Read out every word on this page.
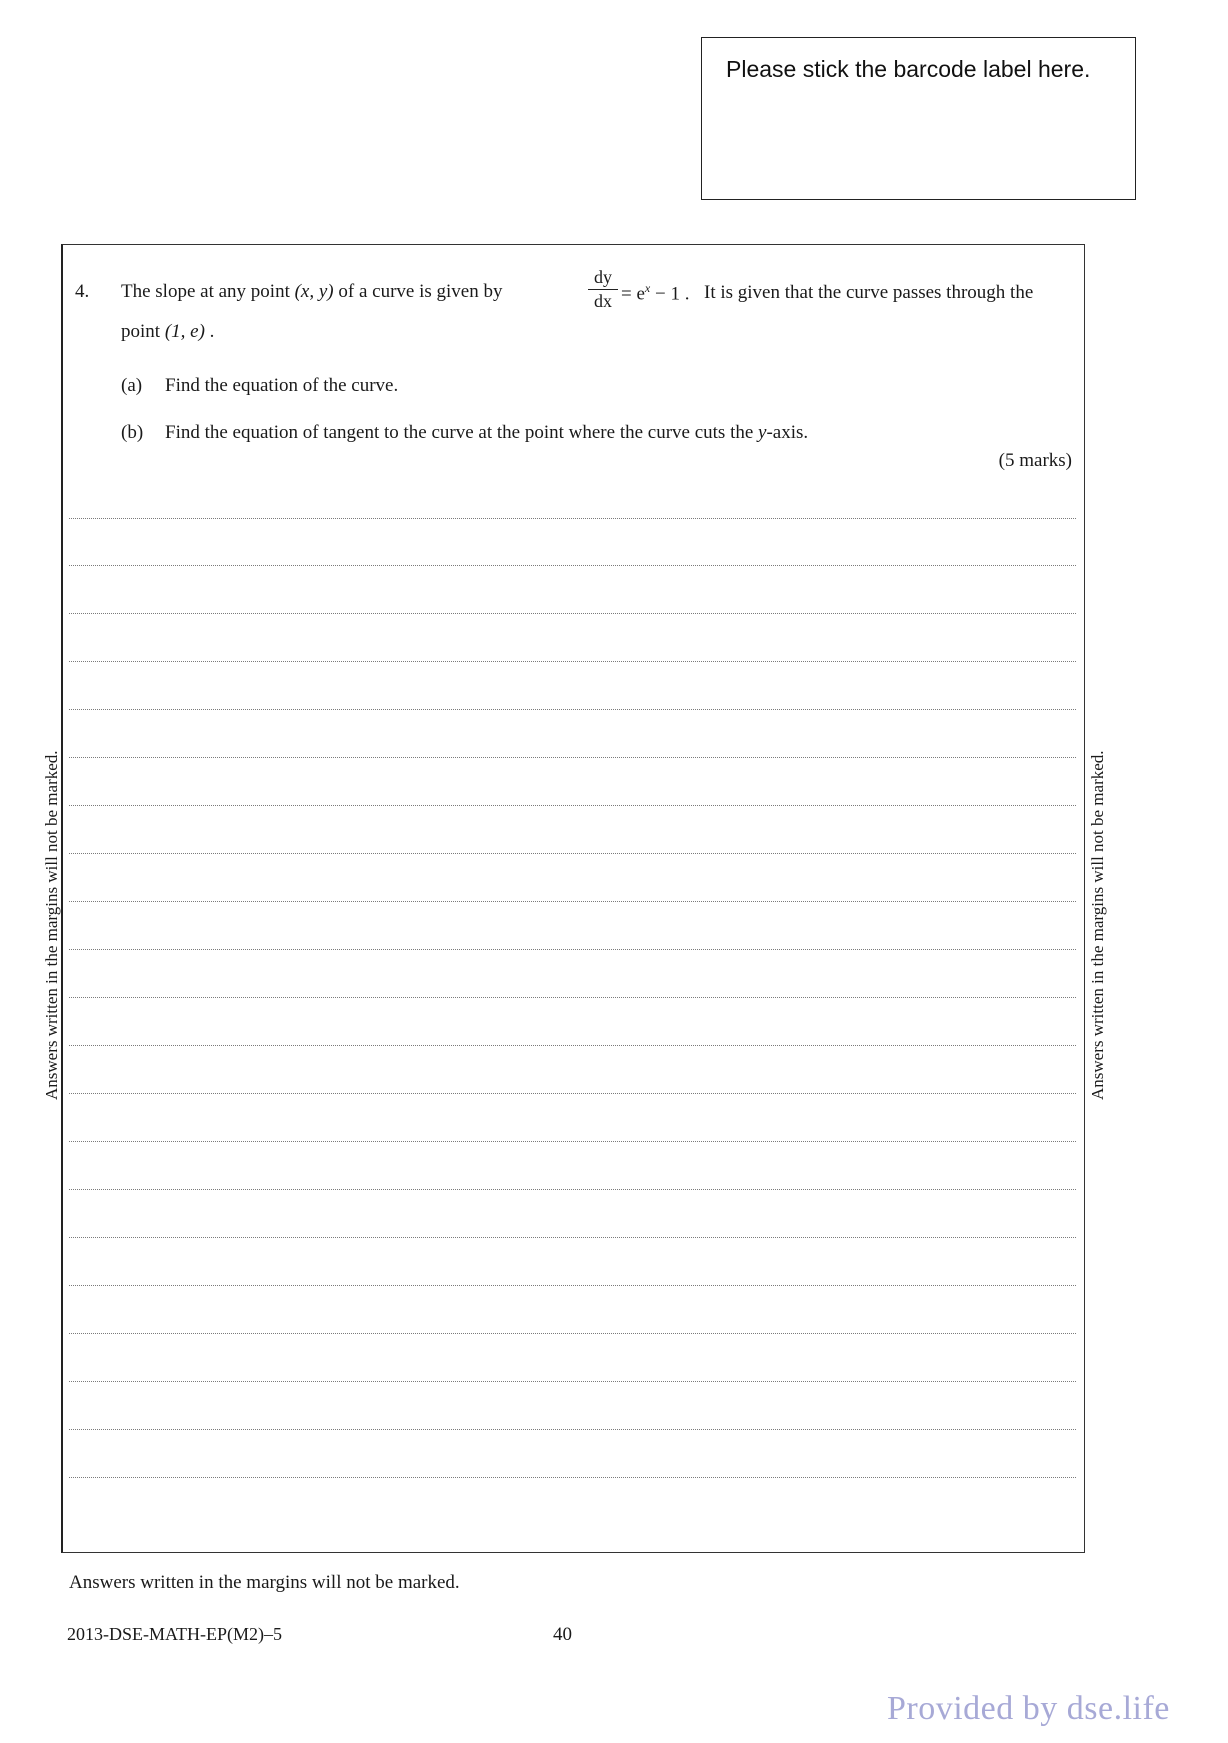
Please stick the barcode label here.
Answers written in the margins will not be marked.	Answers written in the margins will not be marked.
4. The slope at any point (x, y) of a curve is given by	$\frac{dy}{dx} = e^x - 1$ . It is given that the curve passes through the
point (1, e) .
(a) Find the equation of the curve.
(b) Find the equation of tangent to the curve at the point where the curve cuts the y-axis.
(5 marks)
Answers written in the margins will not be marked.
2013-DSE-MATH-EP(M2)–5	40
Provided by dse.life
